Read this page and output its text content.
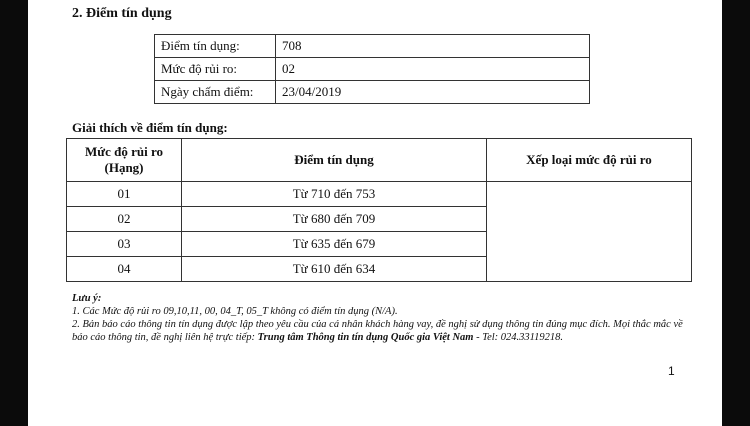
2. Điểm tín dụng
Điểm tín dụng:	708
Mức độ rủi ro:	02
Ngày chấm điểm:	23/04/2019
Giải thích về điểm tín dụng:
Mức độ rủi ro (Hạng)	Điểm tín dụng	Xếp loại mức độ rủi ro
01	Từ 710 đến 753	
02	Từ 680 đến 709	
03	Từ 635 đến 679	
04	Từ 610 đến 634	
Lưu ý:
1. Các Mức độ rủi ro 09,10,11, 00, 04_T, 05_T không có điểm tín dụng (N/A).
2. Bản báo cáo thông tin tín dụng được lập theo yêu cầu của cá nhân khách hàng vay, đề nghị sử dụng thông tin đúng mục đích. Mọi thắc mắc về báo cáo thông tin, đề nghị liên hệ trực tiếp: Trung tâm Thông tin tín dụng Quốc gia Việt Nam - Tel: 024.33119218.
1
